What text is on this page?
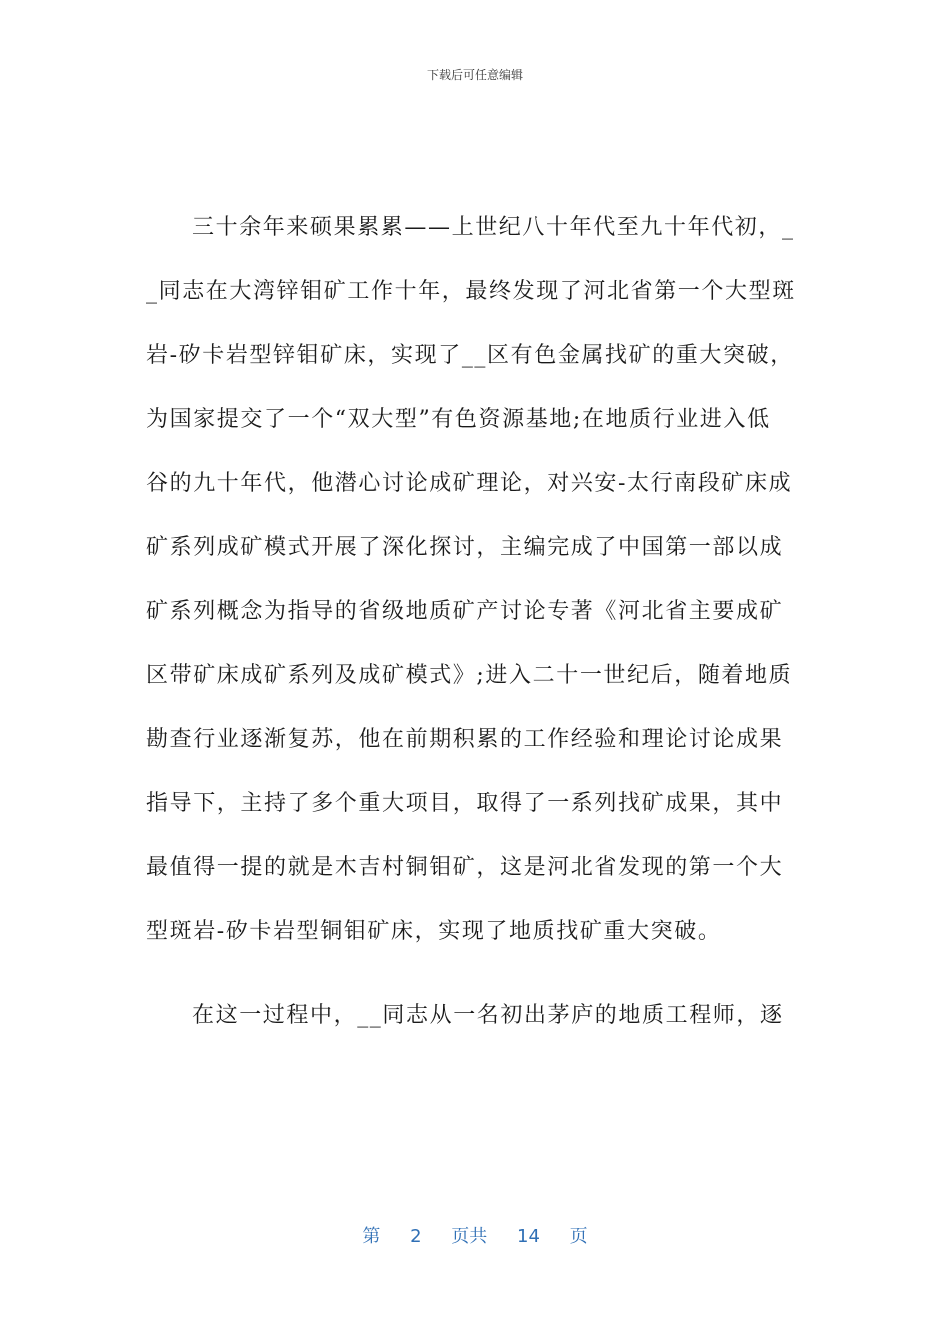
下载后可任意编辑
三十余年来硕果累累——上世纪八十年代至九十年代初，_
_同志在大湾锌钼矿工作十年，最终发现了河北省第一个大型斑
岩-矽卡岩型锌钼矿床，实现了__区有色金属找矿的重大突破，
为国家提交了一个“双大型”有色资源基地;在地质行业进入低
谷的九十年代，他潜心讨论成矿理论，对兴安-太行南段矿床成
矿系列成矿模式开展了深化探讨，主编完成了中国第一部以成
矿系列概念为指导的省级地质矿产讨论专著《河北省主要成矿
区带矿床成矿系列及成矿模式》;进入二十一世纪后，随着地质
勘查行业逐渐复苏，他在前期积累的工作经验和理论讨论成果
指导下，主持了多个重大项目，取得了一系列找矿成果，其中
最值得一提的就是木吉村铜钼矿，这是河北省发现的第一个大
型斑岩-矽卡岩型铜钼矿床，实现了地质找矿重大突破。
在这一过程中，__同志从一名初出茅庐的地质工程师，逐
第 2 页共 14 页
